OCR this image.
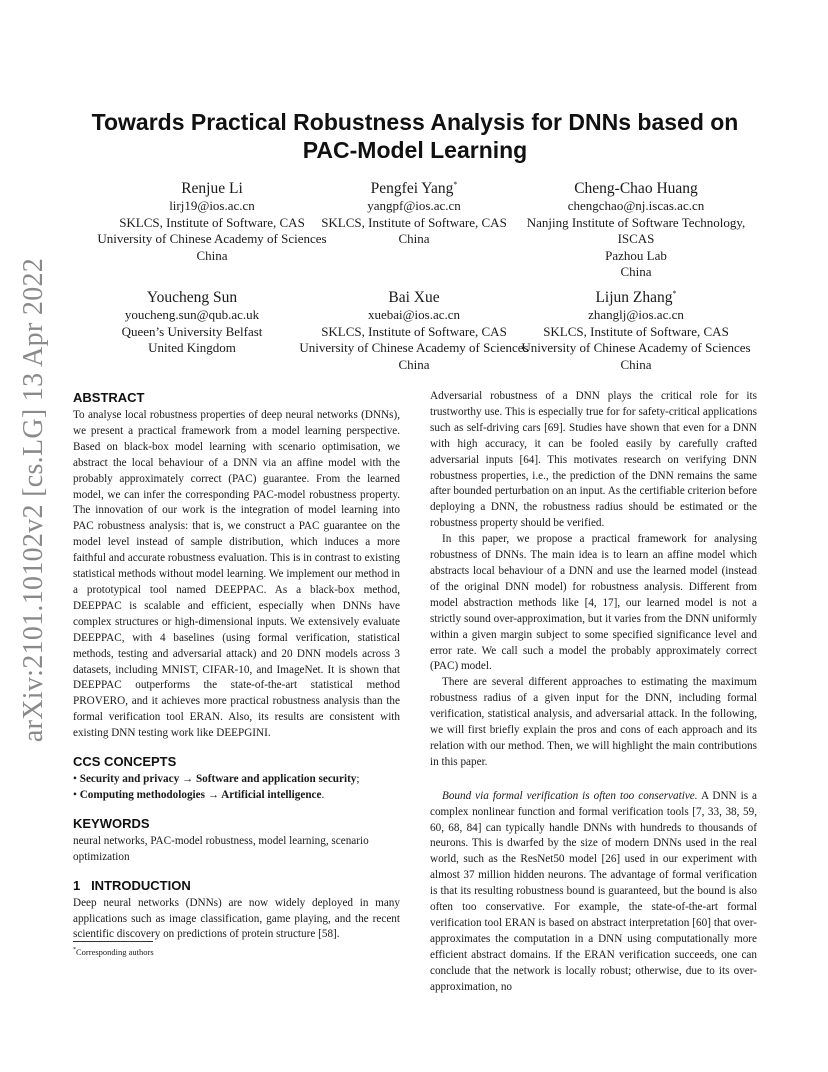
arXiv:2101.10102v2 [cs.LG] 13 Apr 2022
Towards Practical Robustness Analysis for DNNs based on PAC-Model Learning
Renjue Li
lirj19@ios.ac.cn
SKLCS, Institute of Software, CAS
University of Chinese Academy of Sciences
China
Pengfei Yang*
yangpf@ios.ac.cn
SKLCS, Institute of Software, CAS
China
Cheng-Chao Huang
chengchao@nj.iscas.ac.cn
Nanjing Institute of Software Technology, ISCAS
Pazhou Lab
China
Youcheng Sun
youcheng.sun@qub.ac.uk
Queen’s University Belfast
United Kingdom
Bai Xue
xuebai@ios.ac.cn
SKLCS, Institute of Software, CAS
University of Chinese Academy of Sciences
China
Lijun Zhang*
zhanglj@ios.ac.cn
SKLCS, Institute of Software, CAS
University of Chinese Academy of Sciences
China
ABSTRACT

To analyse local robustness properties of deep neural networks (DNNs), we present a practical framework from a model learning perspective. Based on black-box model learning with scenario optimisation, we abstract the local behaviour of a DNN via an affine model with the probably approximately correct (PAC) guarantee. From the learned model, we can infer the corresponding PAC-model robustness property. The innovation of our work is the integration of model learning into PAC robustness analysis: that is, we construct a PAC guarantee on the model level instead of sample distribution, which induces a more faithful and accurate robustness evaluation. This is in contrast to existing statistical methods without model learning. We implement our method in a prototypical tool named DEEPPAC. As a black-box method, DEEPPAC is scalable and efficient, especially when DNNs have complex structures or high-dimensional inputs. We extensively evaluate DEEPPAC, with 4 baselines (using formal verification, statistical methods, testing and adversarial attack) and 20 DNN models across 3 datasets, including MNIST, CIFAR-10, and ImageNet. It is shown that DEEPPAC outperforms the state-of-the-art statistical method PROVERO, and it achieves more practical robustness analysis than the formal verification tool ERAN. Also, its results are consistent with existing DNN testing work like DEEPGINI.

CCS CONCEPTS
• Security and privacy → Software and application security;
• Computing methodologies → Artificial intelligence.
KEYWORDS

neural networks, PAC-model robustness, model learning, scenario optimization

1   INTRODUCTION

Deep neural networks (DNNs) are now widely deployed in many applications such as image classification, game playing, and the recent scientific discovery on predictions of protein structure [58].

*Corresponding authors

Adversarial robustness of a DNN plays the critical role for its trustworthy use. This is especially true for for safety-critical applications such as self-driving cars [69]. Studies have shown that even for a DNN with high accuracy, it can be fooled easily by carefully crafted adversarial inputs [64]. This motivates research on verifying DNN robustness properties, i.e., the prediction of the DNN remains the same after bounded perturbation on an input. As the certifiable criterion before deploying a DNN, the robustness radius should be estimated or the robustness property should be verified.

In this paper, we propose a practical framework for analysing robustness of DNNs. The main idea is to learn an affine model which abstracts local behaviour of a DNN and use the learned model (instead of the original DNN model) for robustness analysis. Different from model abstraction methods like [4, 17], our learned model is not a strictly sound over-approximation, but it varies from the DNN uniformly within a given margin subject to some specified significance level and error rate. We call such a model the probably approximately correct (PAC) model.

There are several different approaches to estimating the maximum robustness radius of a given input for the DNN, including formal verification, statistical analysis, and adversarial attack. In the following, we will first briefly explain the pros and cons of each approach and its relation with our method. Then, we will highlight the main contributions in this paper.

Bound via formal verification is often too conservative. A DNN is a complex nonlinear function and formal verification tools [7, 33, 38, 59, 60, 68, 84] can typically handle DNNs with hundreds to thousands of neurons. This is dwarfed by the size of modern DNNs used in the real world, such as the ResNet50 model [26] used in our experiment with almost 37 million hidden neurons. The advantage of formal verification is that its resulting robustness bound is guaranteed, but the bound is also often too conservative. For example, the state-of-the-art formal verification tool ERAN is based on abstract interpretation [60] that over-approximates the computation in a DNN using computationally more efficient abstract domains. If the ERAN verification succeeds, one can conclude that the network is locally robust; otherwise, due to its over-approximation, no
